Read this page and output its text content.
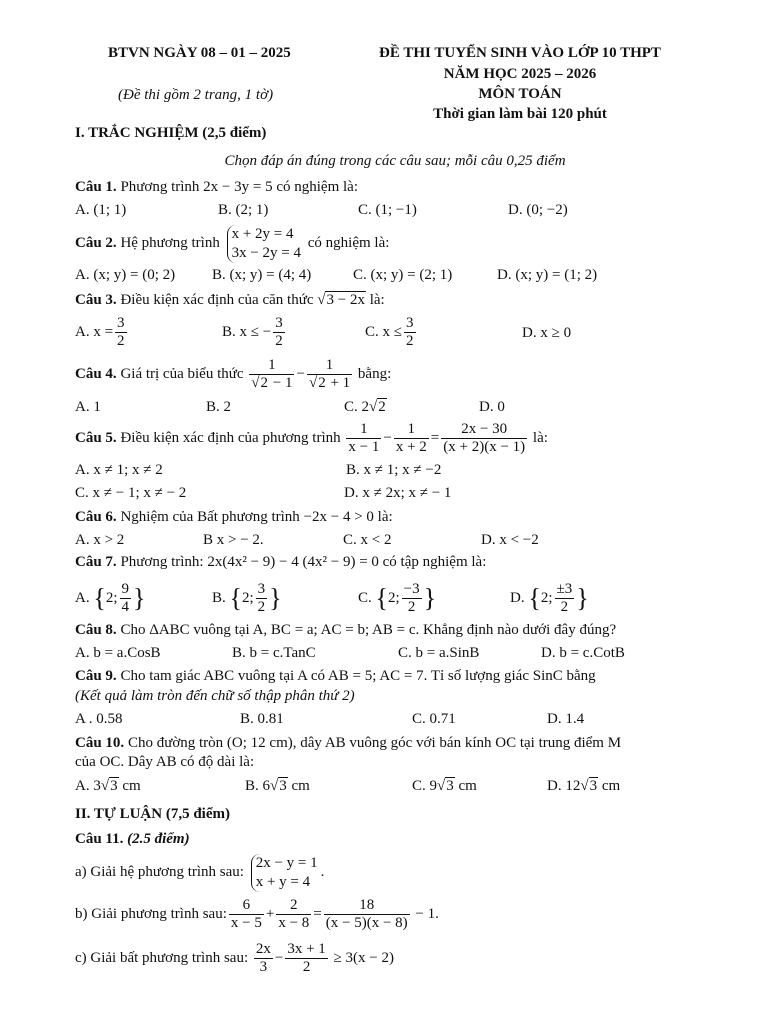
BTVN NGÀY 08 – 01 – 2025
(Đề thi gồm 2 trang, 1 tờ)
ĐỀ THI TUYỂN SINH VÀO LỚP 10 THPT
NĂM HỌC 2025 – 2026
MÔN TOÁN
Thời gian làm bài 120 phút
I. TRẮC NGHIỆM (2,5 điểm)
Chọn đáp án đúng trong các câu sau; mỗi câu 0,25 điểm
Câu 1. Phương trình 2x − 3y = 5 có nghiệm là:
A. (1; 1)	B. (2; 1)	C. (1; −1)	D. (0; −2)
Câu 2. Hệ phương trình
x + 2y = 4
3x − 2y = 4
có nghiệm là:
A. (x; y) = (0; 2) B. (x; y) = (4; 4)	C. (x; y) = (2; 1)	D. (x; y) = (1; 2)
Câu 3. Điều kiện xác định của căn thức √3 − 2x là:
A. $x = \frac{3}{2}$	B. x ≤ − $\frac{3}{2}$	C. $x \le \frac{3}{2}$	D. x ≥ 0
Câu 4. Giá trị của biểu thức $\frac{1}{√2 - 1} - \frac{1}{√2 + 1}$ bằng:
A. 1	B. 2	C. 2√2	D. 0
Câu 5. Điều kiện xác định của phương trình $\frac{1}{x - 1} - \frac{1}{x + 2} = \frac{2x - 30}{(x + 2)(x - 1)}$ là:
A. x ≠ 1; x ≠ 2	B. x ≠ 1; x ≠ −2
C. x ≠ − 1; x ≠ − 2	D. x ≠ 2x; x ≠ − 1
Câu 6. Nghiệm của Bất phương trình −2x − 4 > 0 là:
A. x > 2	B x > − 2.	C. x < 2	D. x < −2
Câu 7. Phương trình: 2x(4x² − 9) − 4 (4x² − 9) = 0 có tập nghiệm là:
A. {2; $\frac{9}{4}$ }	B. {2; $\frac{3}{2}$ }	C. {2; $\frac{-3}{2}$ }	D. {2; $\frac{\pm 3}{2}$ }
Câu 8. Cho ΔABC vuông tại A, BC = a; AC = b; AB = c. Khẳng định nào dưới đây đúng?
A. b = a.CosB	B. b = c.TanC	C. b = a.SinB	D. b = c.CotB
Câu 9. Cho tam giác ABC vuông tại A có AB = 5; AC = 7. Tỉ số lượng giác SinC bằng
(Kết quả làm tròn đến chữ số thập phân thứ 2)
A . 0.58	B. 0.81	C. 0.71	D. 1.4
Câu 10. Cho đường tròn (O; 12 cm), dây AB vuông góc với bán kính OC tại trung điểm M
của OC. Dây AB có độ dài là:
A. 3√3 cm	B. 6√3 cm	C. 9√3 cm	D. 12√3 cm
II. TỰ LUẬN (7,5 điểm)
Câu 11. (2.5 điểm)
a) Giải hệ phương trình sau:
2x − y = 1
x + y = 4
.
b) Giải phương trình sau: $\frac{6}{x - 5} + \frac{2}{x - 8} = \frac{18}{(x - 5)(x - 8)} - 1$.
c) Giải bất phương trình sau: $\frac{2x}{3} - \frac{3x + 1}{2} \ge 3(x - 2)$
